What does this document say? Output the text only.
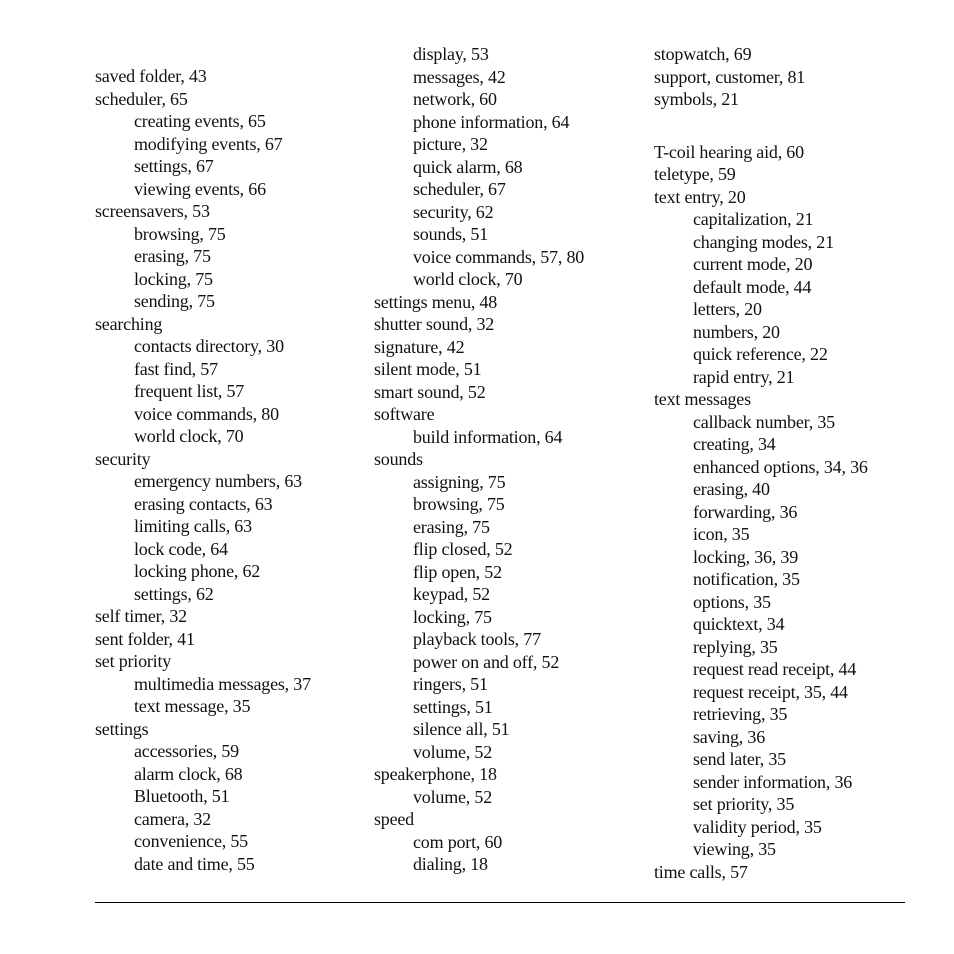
saved folder, 43
scheduler, 65
creating events, 65
modifying events, 67
settings, 67
viewing events, 66
screensavers, 53
browsing, 75
erasing, 75
locking, 75
sending, 75
searching
contacts directory, 30
fast find, 57
frequent list, 57
voice commands, 80
world clock, 70
security
emergency numbers, 63
erasing contacts, 63
limiting calls, 63
lock code, 64
locking phone, 62
settings, 62
self timer, 32
sent folder, 41
set priority
multimedia messages, 37
text message, 35
settings
accessories, 59
alarm clock, 68
Bluetooth, 51
camera, 32
convenience, 55
date and time, 55
display, 53
messages, 42
network, 60
phone information, 64
picture, 32
quick alarm, 68
scheduler, 67
security, 62
sounds, 51
voice commands, 57, 80
world clock, 70
settings menu, 48
shutter sound, 32
signature, 42
silent mode, 51
smart sound, 52
software
build information, 64
sounds
assigning, 75
browsing, 75
erasing, 75
flip closed, 52
flip open, 52
keypad, 52
locking, 75
playback tools, 77
power on and off, 52
ringers, 51
settings, 51
silence all, 51
volume, 52
speakerphone, 18
volume, 52
speed
com port, 60
dialing, 18
stopwatch, 69
support, customer, 81
symbols, 21
T-coil hearing aid, 60
teletype, 59
text entry, 20
capitalization, 21
changing modes, 21
current mode, 20
default mode, 44
letters, 20
numbers, 20
quick reference, 22
rapid entry, 21
text messages
callback number, 35
creating, 34
enhanced options, 34, 36
erasing, 40
forwarding, 36
icon, 35
locking, 36, 39
notification, 35
options, 35
quicktext, 34
replying, 35
request read receipt, 44
request receipt, 35, 44
retrieving, 35
saving, 36
send later, 35
sender information, 36
set priority, 35
validity period, 35
viewing, 35
time calls, 57
